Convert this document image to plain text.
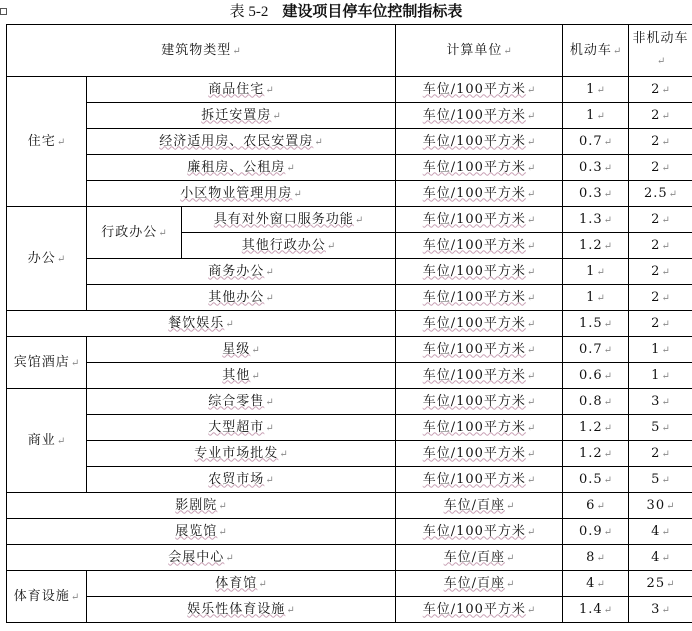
表 5-2 建设项目停车位控制指标表
建筑物类型↵			计算单位↵	机动车↵	非机动车↵
住宅↵	商品住宅↵		车位/100平方米↵	1↵	2↵
	拆迁安置房↵		车位/100平方米↵	1↵	2↵
	经济适用房、农民安置房↵		车位/100平方米↵	0.7↵	2↵
	廉租房、公租房↵		车位/100平方米↵	0.3↵	2↵
	小区物业管理用房↵		车位/100平方米↵	0.3↵	2.5↵
办公↵	行政办公↵	具有对外窗口服务功能↵	车位/100平方米↵	1.3↵	2↵
		其他行政办公↵	车位/100平方米↵	1.2↵	2↵
	商务办公↵		车位/100平方米↵	1↵	2↵
	其他办公↵		车位/100平方米↵	1↵	2↵
餐饮娱乐↵			车位/100平方米↵	1.5↵	2↵
宾馆酒店↵	星级↵		车位/100平方米↵	0.7↵	1↵
	其他↵		车位/100平方米↵	0.6↵	1↵
商业↵	综合零售↵		车位/100平方米↵	0.8↵	3↵
	大型超市↵		车位/100平方米↵	1.2↵	5↵
	专业市场批发↵		车位/100平方米↵	1.2↵	2↵
	农贸市场↵		车位/100平方米↵	0.5↵	5↵
影剧院↵			车位/百座↵	6↵	30↵
展览馆↵			车位/100平方米↵	0.9↵	4↵
会展中心↵			车位/百座↵	8↵	4↵
体育设施↵	体育馆↵		车位/百座↵	4↵	25↵
	娱乐性体育设施↵		车位/100平方米↵	1.4↵	3↵
